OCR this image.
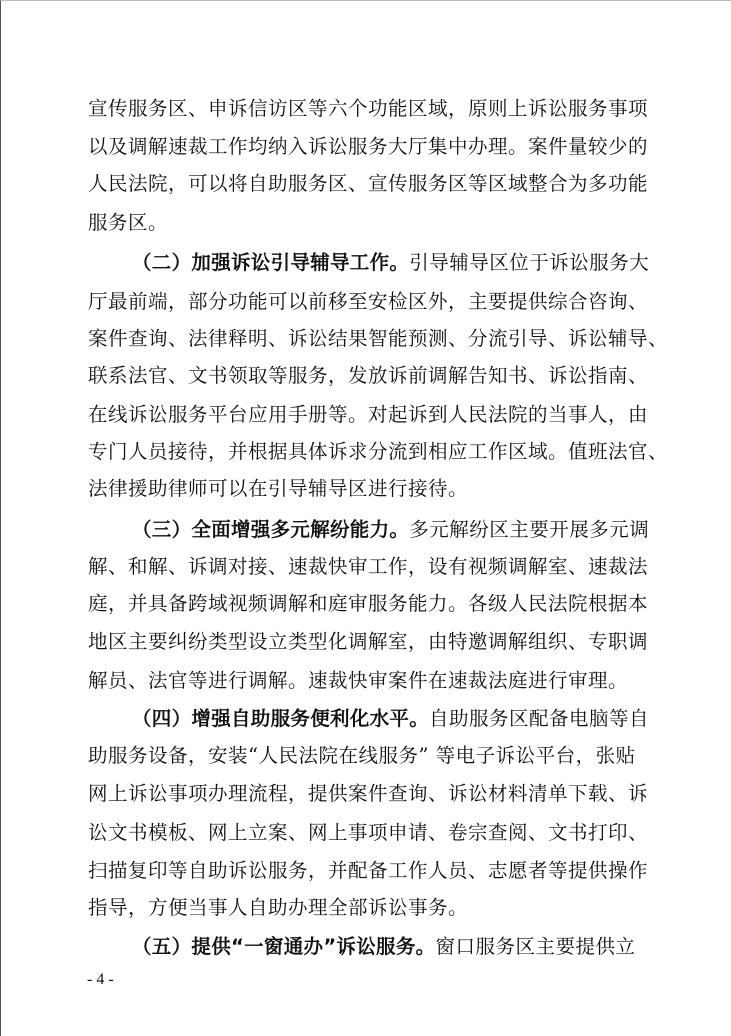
宣传服务区、申诉信访区等六个功能区域，原则上诉讼服务事项
以及调解速裁工作均纳入诉讼服务大厅集中办理。案件量较少的
人民法院，可以将自助服务区、宣传服务区等区域整合为多功能
服务区。
（二）加强诉讼引导辅导工作。引导辅导区位于诉讼服务大
厅最前端，部分功能可以前移至安检区外，主要提供综合咨询、
案件查询、法律释明、诉讼结果智能预测、分流引导、诉讼辅导、
联系法官、文书领取等服务，发放诉前调解告知书、诉讼指南、
在线诉讼服务平台应用手册等。对起诉到人民法院的当事人，由
专门人员接待，并根据具体诉求分流到相应工作区域。值班法官、
法律援助律师可以在引导辅导区进行接待。
（三）全面增强多元解纷能力。多元解纷区主要开展多元调
解、和解、诉调对接、速裁快审工作，设有视频调解室、速裁法
庭，并具备跨域视频调解和庭审服务能力。各级人民法院根据本
地区主要纠纷类型设立类型化调解室，由特邀调解组织、专职调
解员、法官等进行调解。速裁快审案件在速裁法庭进行审理。
（四）增强自助服务便利化水平。自助服务区配备电脑等自
助服务设备，安装“人民法院在线服务” 等电子诉讼平台，张贴
网上诉讼事项办理流程，提供案件查询、诉讼材料清单下载、诉
讼文书模板、网上立案、网上事项申请、卷宗查阅、文书打印、
扫描复印等自助诉讼服务，并配备工作人员、志愿者等提供操作
指导，方便当事人自助办理全部诉讼事务。
（五）提供“一窗通办”诉讼服务。窗口服务区主要提供立
- 4 -
